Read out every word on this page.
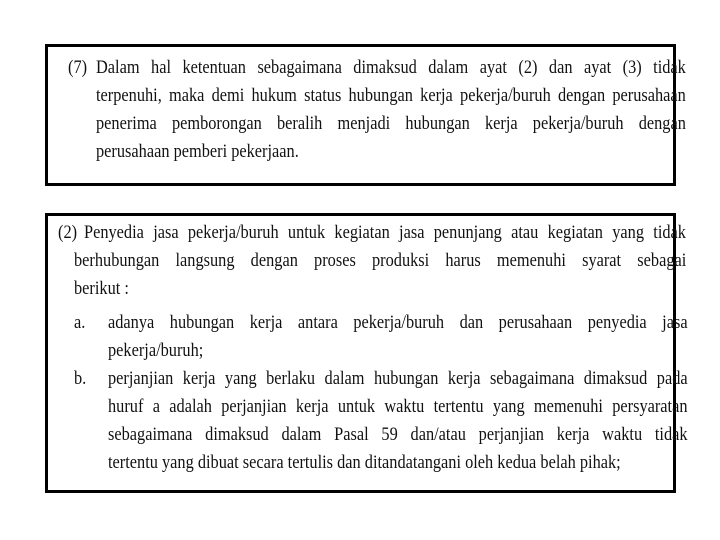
(7) Dalam hal ketentuan sebagaimana dimaksud dalam ayat (2) dan ayat (3) tidak
terpenuhi, maka demi hukum status hubungan kerja pekerja/buruh dengan perusahaan
penerima pemborongan beralih menjadi hubungan kerja pekerja/buruh dengan
perusahaan pemberi pekerjaan.
(2) Penyedia jasa pekerja/buruh untuk kegiatan jasa penunjang atau kegiatan yang tidak
berhubungan langsung dengan proses produksi harus memenuhi syarat sebagai
berikut :
a. adanya hubungan kerja antara pekerja/buruh dan perusahaan penyedia jasa
pekerja/buruh;
b. perjanjian kerja yang berlaku dalam hubungan kerja sebagaimana dimaksud pada
huruf a adalah perjanjian kerja untuk waktu tertentu yang memenuhi persyaratan
sebagaimana dimaksud dalam Pasal 59 dan/atau perjanjian kerja waktu tidak
tertentu yang dibuat secara tertulis dan ditandatangani oleh kedua belah pihak;
